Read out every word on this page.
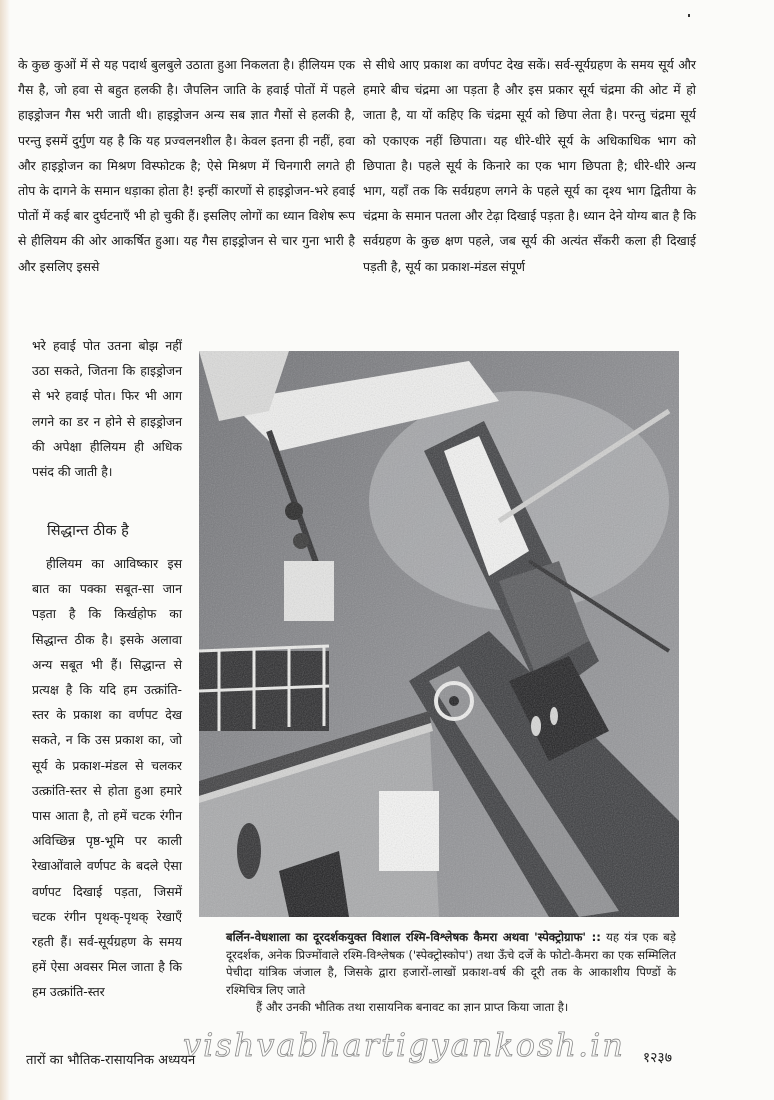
के कुछ कुओं में से यह पदार्थ बुलबुले उठाता हुआ निकलता है। हीलियम एक गैस है, जो हवा से बहुत हलकी है। जैपलिन जाति के हवाई पोतों में पहले हाइड्रोजन गैस भरी जाती थी। हाइड्रोजन अन्य सब ज्ञात गैसों से हलकी है, परन्तु इसमें दुर्गुण यह है कि यह प्रज्वलनशील है। केवल इतना ही नहीं, हवा और हाइड्रोजन का मिश्रण विस्फोटक है; ऐसे मिश्रण में चिनगारी लगते ही तोप के दागने के समान धड़ाका होता है! इन्हीं कारणों से हाइड्रोजन-भरे हवाई पोतों में कई बार दुर्घटनाएँ भी हो चुकी हैं। इसलिए लोगों का ध्यान विशेष रूप से हीलियम की ओर आकर्षित हुआ। यह गैस हाइड्रोजन से चार गुना भारी है और इसलिए इससे

से सीधे आए प्रकाश का वर्णपट देख सकें। सर्व-सूर्यग्रहण के समय सूर्य और हमारे बीच चंद्रमा आ पड़ता है और इस प्रकार सूर्य चंद्रमा की ओट में हो जाता है, या यों कहिए कि चंद्रमा सूर्य को छिपा लेता है। परन्तु चंद्रमा सूर्य को एकाएक नहीं छिपाता। यह धीरे-धीरे सूर्य के अधिकाधिक भाग को छिपाता है। पहले सूर्य के किनारे का एक भाग छिपता है; धीरे-धीरे अन्य भाग, यहाँ तक कि सर्वग्रहण लगने के पहले सूर्य का दृश्य भाग द्वितीया के चंद्रमा के समान पतला और टेढ़ा दिखाई पड़ता है। ध्यान देने योग्य बात है कि सर्वग्रहण के कुछ क्षण पहले, जब सूर्य की अत्यंत सँकरी कला ही दिखाई पड़ती है, सूर्य का प्रकाश-मंडल संपूर्ण

भरे हवाई पोत उतना बोझ नहीं उठा सकते, जितना कि हाइड्रोजन से भरे हवाई पोत। फिर भी आग लगने का डर न होने से हाइड्रोजन की अपेक्षा हीलियम ही अधिक पसंद की जाती है।

सिद्धान्त ठीक है

हीलियम का आविष्कार इस बात का पक्का सबूत-सा जान पड़ता है कि किर्खहोफ का सिद्धान्त ठीक है। इसके अलावा अन्य सबूत भी हैं। सिद्धान्त से प्रत्यक्ष है कि यदि हम उत्क्रांति-स्तर के प्रकाश का वर्णपट देख सकते, न कि उस प्रकाश का, जो सूर्य के प्रकाश-मंडल से चलकर उत्क्रांति-स्तर से होता हुआ हमारे पास आता है, तो हमें चटक रंगीन अविच्छिन्न पृष्ठ-भूमि पर काली रेखाओंवाले वर्णपट के बदले ऐसा वर्णपट दिखाई पड़ता, जिसमें चटक रंगीन पृथक्-पृथक् रेखाएँ रहती हैं। सर्व-सूर्यग्रहण के समय हमें ऐसा अवसर मिल जाता है कि हम उत्क्रांति-स्तर

बर्लिन-वेधशाला का दूरदर्शकयुक्त विशाल रश्मि-विश्लेषक कैमरा अथवा 'स्पेक्ट्रोग्राफ' :: यह यंत्र एक बड़े दूरदर्शक, अनेक प्रिज्मोंवाले रश्मि-विश्लेषक ('स्पेक्ट्रोस्कोप') तथा ऊँचे दर्जे के फोटो-कैमरा का एक सम्मिलित पेचीदा यांत्रिक जंजाल है, जिसके द्वारा हजारों-लाखों प्रकाश-वर्ष की दूरी तक के आकाशीय पिण्डों के रश्मिचित्र लिए जाते
हैं और उनकी भौतिक तथा रासायनिक बनावट का ज्ञान प्राप्त किया जाता है।
vishvabhartigyankosh.in
तारों का भौतिक-रासायनिक अध्ययन	१२३७
